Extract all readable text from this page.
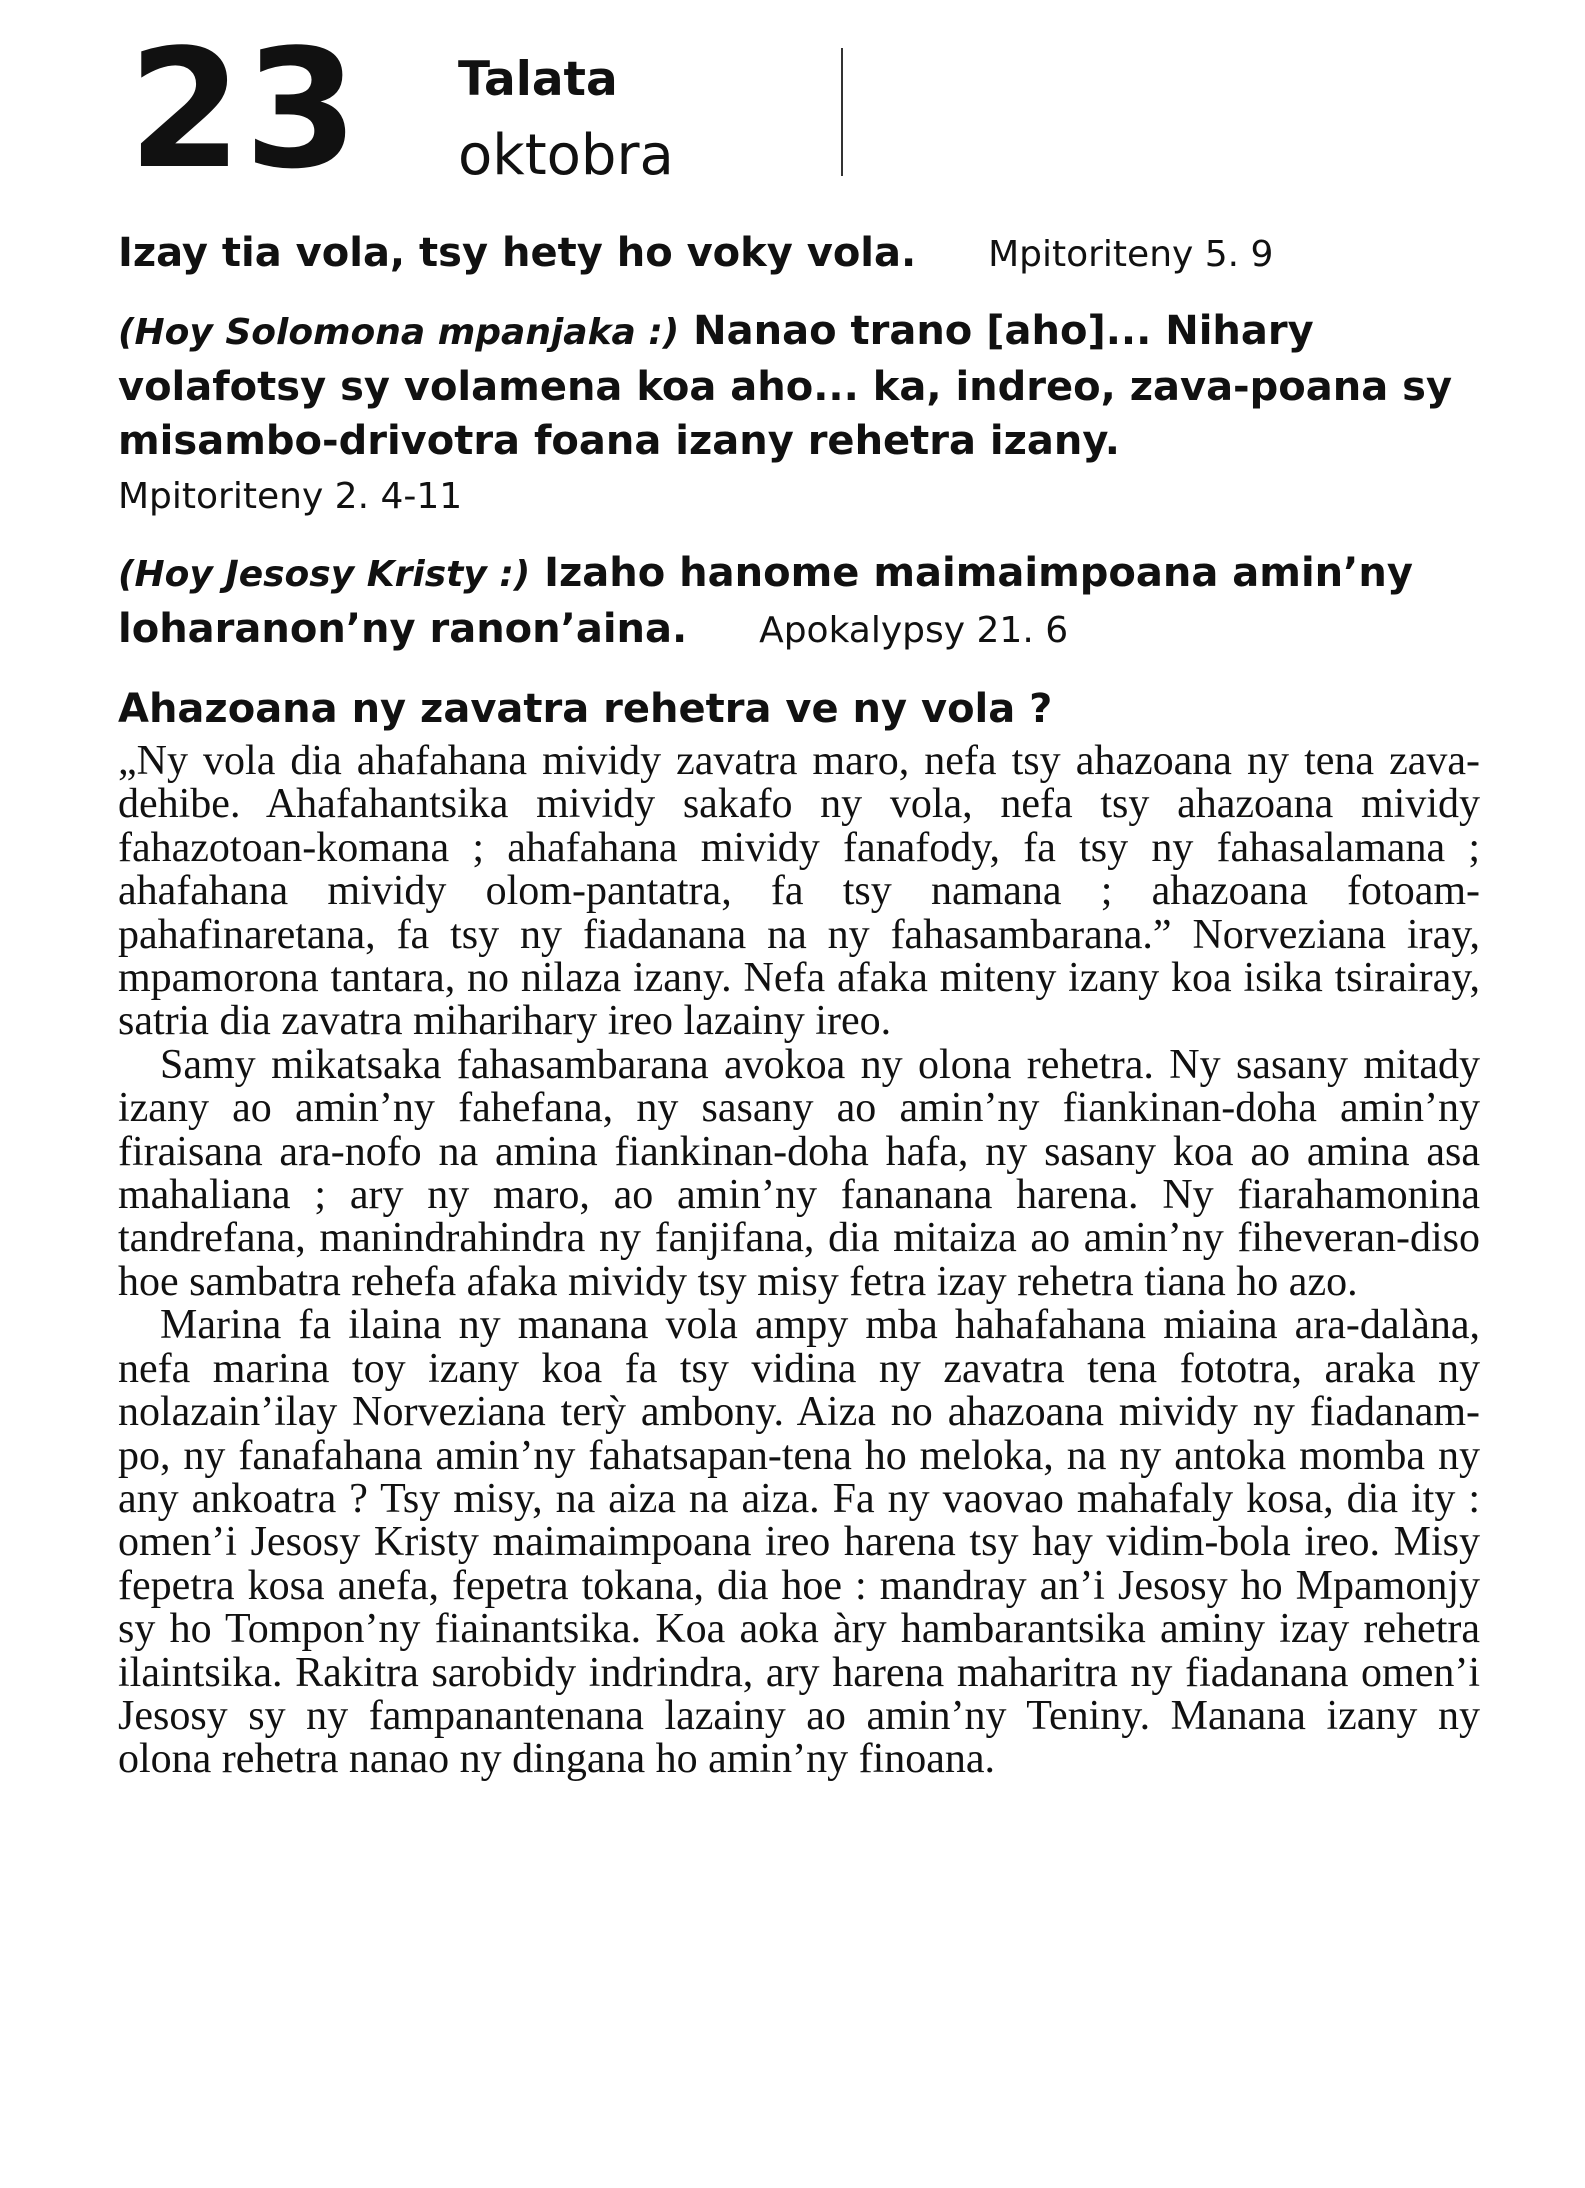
23 Talata
oktobra

Izay tia vola, tsy hety ho voky vola. Mpitoriteny 5. 9

(Hoy Solomona mpanjaka :) Nanao trano [aho]... Nihary volafotsy sy volamena koa aho... ka, indreo, zava-poana sy misambo-drivotra foana izany rehetra izany.
Mpitoriteny 2. 4-11

(Hoy Jesosy Kristy :) Izaho hanome maimaimpoana amin’ny loharanon’ny ranon’aina. Apokalypsy 21. 6

Ahazoana ny zavatra rehetra ve ny vola ?

„Ny vola dia ahafahana mividy zavatra maro, nefa tsy ahazoana ny tena zava-dehibe. Ahafahantsika mividy sakafo ny vola, nefa tsy ahazoana mividy fahazotoan-komana ; ahafahana mividy fanafody, fa tsy ny fahasalamana ; ahafahana mividy olom-pantatra, fa tsy namana ; ahazoana fotoam-pahafinaretana, fa tsy ny fiadanana na ny fahasambarana.” Norveziana iray, mpamorona tantara, no nilaza izany. Nefa afaka miteny izany koa isika tsirairay, satria dia zavatra miharihary ireo lazainy ireo.

Samy mikatsaka fahasambarana avokoa ny olona rehetra. Ny sasany mitady izany ao amin’ny fahefana, ny sasany ao amin’ny fiankinan-doha amin’ny firaisana ara-nofo na amina fiankinan-doha hafa, ny sasany koa ao amina asa mahaliana ; ary ny maro, ao amin’ny fananana harena. Ny fiarahamonina tandrefana, manindrahindra ny fanjifana, dia mitaiza ao amin’ny fiheveran-diso hoe sambatra rehefa afaka mividy tsy misy fetra izay rehetra tiana ho azo.

Marina fa ilaina ny manana vola ampy mba hahafahana miaina ara-dalàna, nefa marina toy izany koa fa tsy vidina ny zavatra tena fototra, araka ny nolazain’ilay Norveziana terỳ ambony. Aiza no ahazoana mividy ny fiadanam-po, ny fanafahana amin’ny fahatsapan-tena ho meloka, na ny antoka momba ny any ankoatra ? Tsy misy, na aiza na aiza. Fa ny vaovao mahafaly kosa, dia ity : omen’i Jesosy Kristy maimaimpoana ireo harena tsy hay vidim-bola ireo. Misy fepetra kosa anefa, fepetra tokana, dia hoe : mandray an’i Jesosy ho Mpamonjy sy ho Tompon’ny fiainantsika. Koa aoka àry hambarantsika aminy izay rehetra ilaintsika. Rakitra sarobidy indrindra, ary harena maharitra ny fiadanana omen’i Jesosy sy ny fampanantenana lazainy ao amin’ny Teniny. Manana izany ny olona rehetra nanao ny dingana ho amin’ny finoana.
